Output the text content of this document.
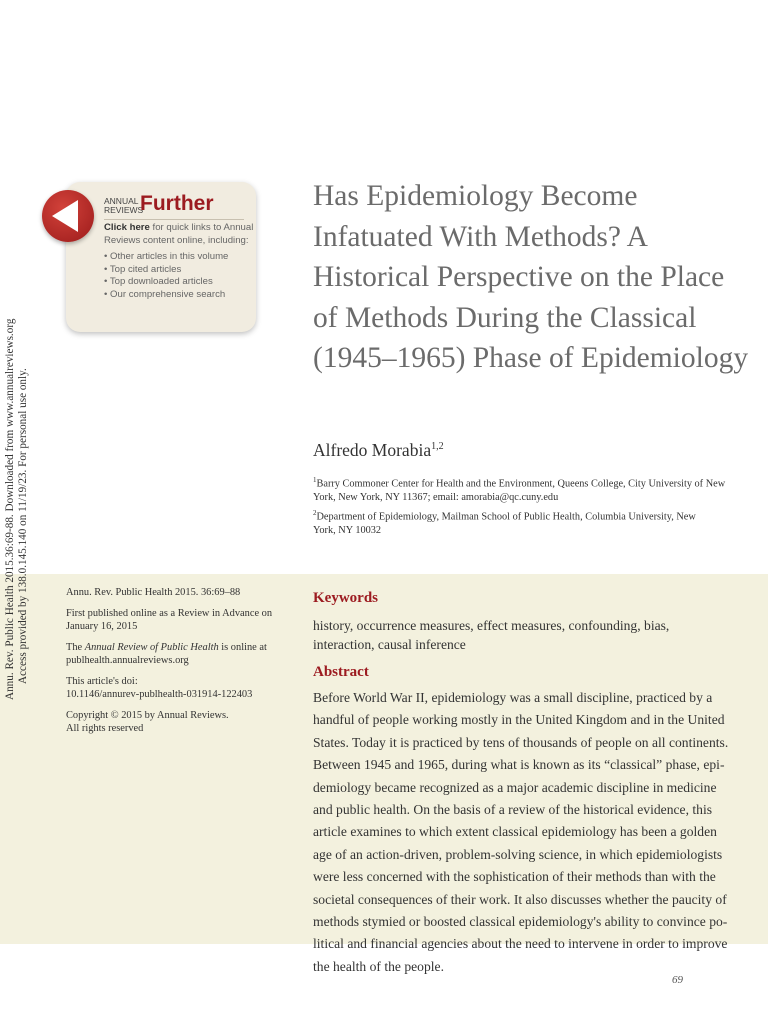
Annu. Rev. Public Health 2015.36:69-88. Downloaded from www.annualreviews.org Access provided by 138.0.145.140 on 11/19/23. For personal use only.
ANNUAL REVIEWS
Further
Click here for quick links to Annual Reviews content online, including:
• Other articles in this volume
• Top cited articles
• Top downloaded articles
• Our comprehensive search
Has Epidemiology Become Infatuated With Methods? A Historical Perspective on the Place of Methods During the Classical (1945–1965) Phase of Epidemiology
Alfredo Morabia$^{1,2}$
$^1$Barry Commoner Center for Health and the Environment, Queens College, City University of New York, New York, NY 11367; email: amorabia@qc.cuny.edu
$^2$Department of Epidemiology, Mailman School of Public Health, Columbia University, New York, NY 10032

Annu. Rev. Public Health 2015. 36:69–88

First published online as a Review in Advance on January 16, 2015

The Annual Review of Public Health is online at publhealth.annualreviews.org

This article's doi:
10.1146/annurev-publhealth-031914-122403

Copyright © 2015 by Annual Reviews.
All rights reserved

Keywords
history, occurrence measures, effect measures, confounding, bias, interaction, causal inference
Abstract
Before World War II, epidemiology was a small discipline, practiced by a
handful of people working mostly in the United Kingdom and in the United
States. Today it is practiced by tens of thousands of people on all continents.
Between 1945 and 1965, during what is known as its “classical” phase, epi-
demiology became recognized as a major academic discipline in medicine
and public health. On the basis of a review of the historical evidence, this
article examines to which extent classical epidemiology has been a golden
age of an action-driven, problem-solving science, in which epidemiologists
were less concerned with the sophistication of their methods than with the
societal consequences of their work. It also discusses whether the paucity of
methods stymied or boosted classical epidemiology's ability to convince po-
litical and financial agencies about the need to intervene in order to improve
the health of the people.
69
